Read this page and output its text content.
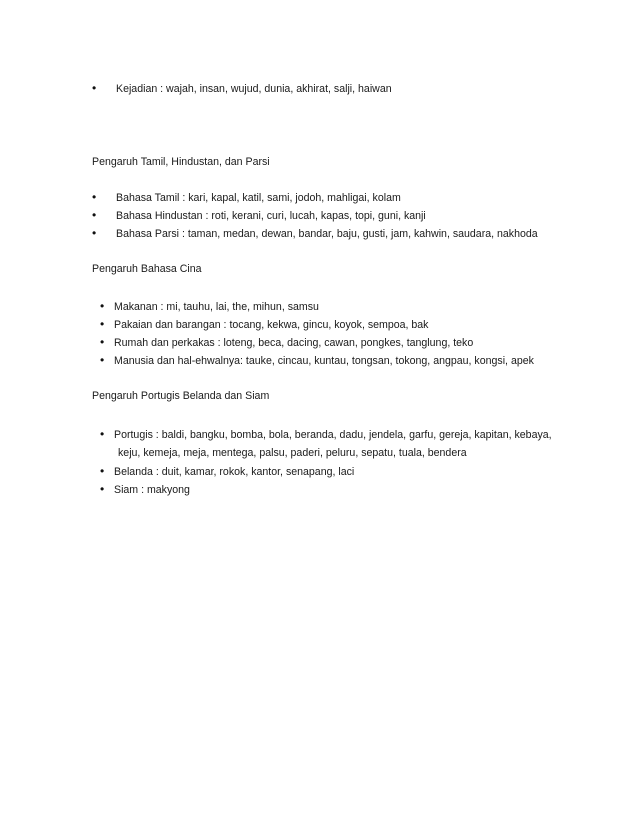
• Kejadian : wajah, insan, wujud, dunia, akhirat, salji, haiwan
Pengaruh Tamil, Hindustan, dan Parsi
• Bahasa Tamil : kari, kapal, katil, sami, jodoh, mahligai, kolam
• Bahasa Hindustan : roti, kerani, curi, lucah, kapas, topi, guni, kanji
• Bahasa Parsi : taman, medan, dewan, bandar, baju, gusti, jam, kahwin, saudara, nakhoda
Pengaruh Bahasa Cina
• Makanan : mi, tauhu, lai, the, mihun, samsu
• Pakaian dan barangan : tocang, kekwa, gincu, koyok, sempoa, bak
• Rumah dan perkakas : loteng, beca, dacing, cawan, pongkes, tanglung, teko
• Manusia dan hal-ehwalnya: tauke, cincau, kuntau, tongsan, tokong, angpau, kongsi, apek
Pengaruh Portugis Belanda dan Siam
• Portugis : baldi, bangku, bomba, bola, beranda, dadu, jendela, garfu, gereja, kapitan, kebaya,
keju, kemeja, meja, mentega, palsu, paderi, peluru, sepatu, tuala, bendera
• Belanda : duit, kamar, rokok, kantor, senapang, laci
• Siam : makyong
